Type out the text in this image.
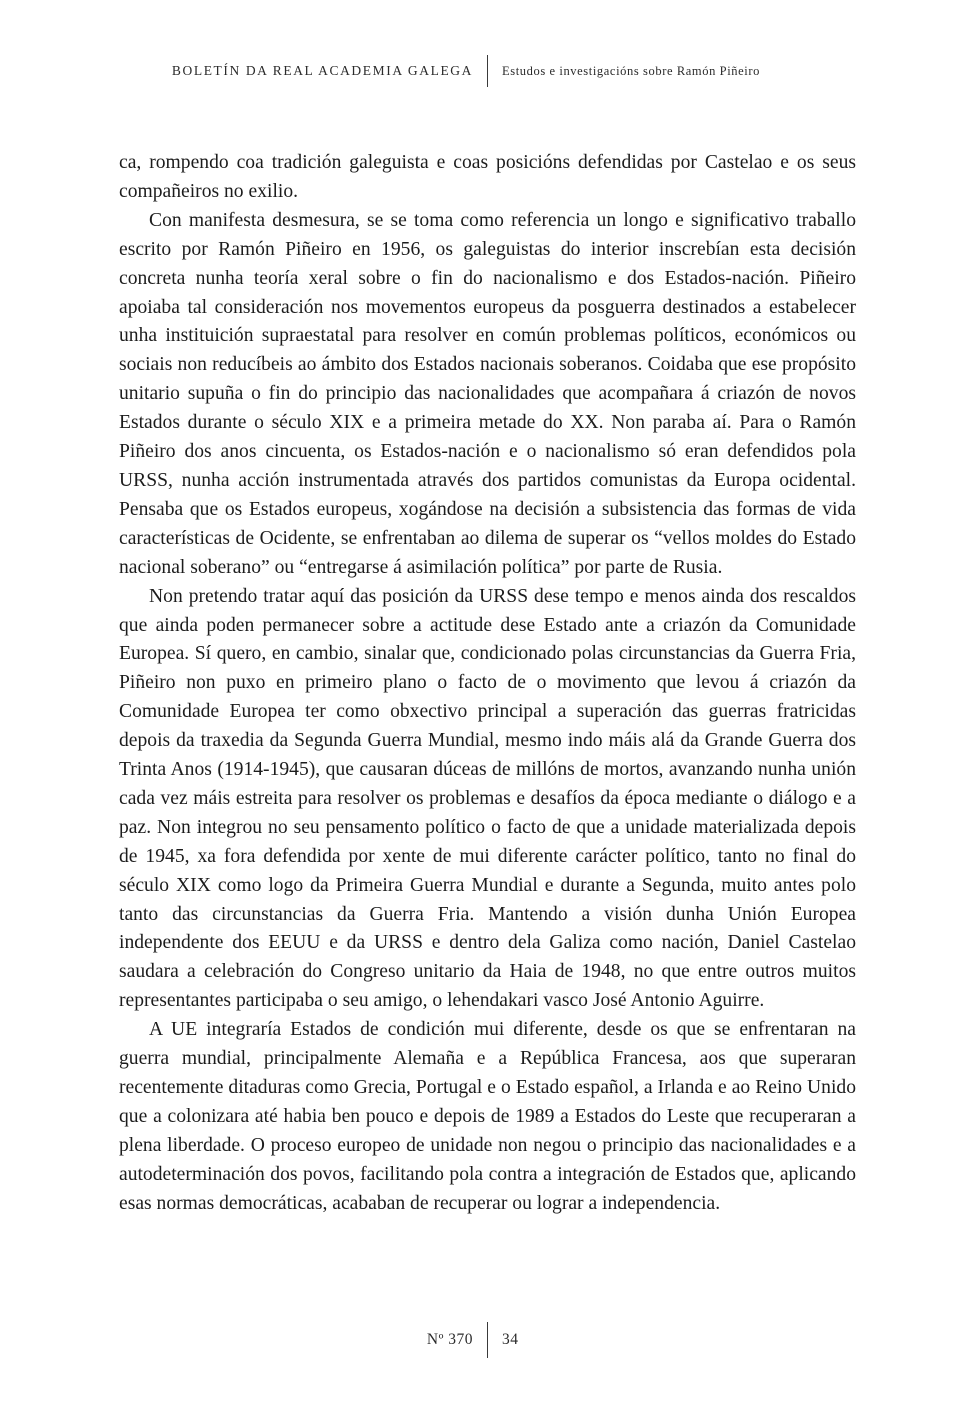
BOLETÍN DA REAL ACADEMIA GALEGA Estudos e investigacións sobre Ramón Piñeiro

ca, rompendo coa tradición galeguista e coas posicións defendidas por Castelao e os seus compañeiros no exilio.

Con manifesta desmesura, se se toma como referencia un longo e significativo traballo escrito por Ramón Piñeiro en 1956, os galeguistas do interior inscrebían esta decisión concreta nunha teoría xeral sobre o fin do nacionalismo e dos Estados-nación. Piñeiro apoiaba tal consideración nos movementos europeus da posguerra destinados a estabelecer unha instituición supraestatal para resolver en común problemas políticos, económicos ou sociais non reducíbeis ao ámbito dos Estados nacionais soberanos. Coidaba que ese propósito unitario supuña o fin do principio das nacionalidades que acompañara á criazón de novos Estados durante o século XIX e a primeira metade do XX. Non paraba aí. Para o Ramón Piñeiro dos anos cincuenta, os Estados-nación e o nacionalismo só eran defendidos pola URSS, nunha acción instrumentada através dos partidos comunistas da Europa ocidental. Pensaba que os Estados europeus, xogándose na decisión a subsistencia das formas de vida características de Ocidente, se enfrentaban ao dilema de superar os “vellos moldes do Estado nacional soberano” ou “entregarse á asimilación política” por parte de Rusia.

Non pretendo tratar aquí das posición da URSS dese tempo e menos ainda dos rescaldos que ainda poden permanecer sobre a actitude dese Estado ante a criazón da Comunidade Europea. Sí quero, en cambio, sinalar que, condicionado polas circunstancias da Guerra Fria, Piñeiro non puxo en primeiro plano o facto de o movimento que levou á criazón da Comunidade Europea ter como obxectivo principal a superación das guerras fratricidas depois da traxedia da Segunda Guerra Mundial, mesmo indo máis alá da Grande Guerra dos Trinta Anos (1914-1945), que causaran dúceas de millóns de mortos, avanzando nunha unión cada vez máis estreita para resolver os problemas e desafíos da época mediante o diálogo e a paz. Non integrou no seu pensamento político o facto de que a unidade materializada depois de 1945, xa fora defendida por xente de mui diferente carácter político, tanto no final do século XIX como logo da Primeira Guerra Mundial e durante a Segunda, muito antes polo tanto das circunstancias da Guerra Fria. Mantendo a visión dunha Unión Europea independente dos EEUU e da URSS e dentro dela Galiza como nación, Daniel Castelao saudara a celebración do Congreso unitario da Haia de 1948, no que entre outros muitos representantes participaba o seu amigo, o lehendakari vasco José Antonio Aguirre.

A UE integraría Estados de condición mui diferente, desde os que se enfrentaran na guerra mundial, principalmente Alemaña e a República Francesa, aos que superaran recentemente ditaduras como Grecia, Portugal e o Estado español, a Irlanda e ao Reino Unido que a colonizara até habia ben pouco e depois de 1989 a Estados do Leste que recuperaran a plena liberdade. O proceso europeo de unidade non negou o principio das nacionalidades e a autodeterminación dos povos, facilitando pola contra a integración de Estados que, aplicando esas normas democráticas, acababan de recuperar ou lograr a independencia.

Nº 370 34
